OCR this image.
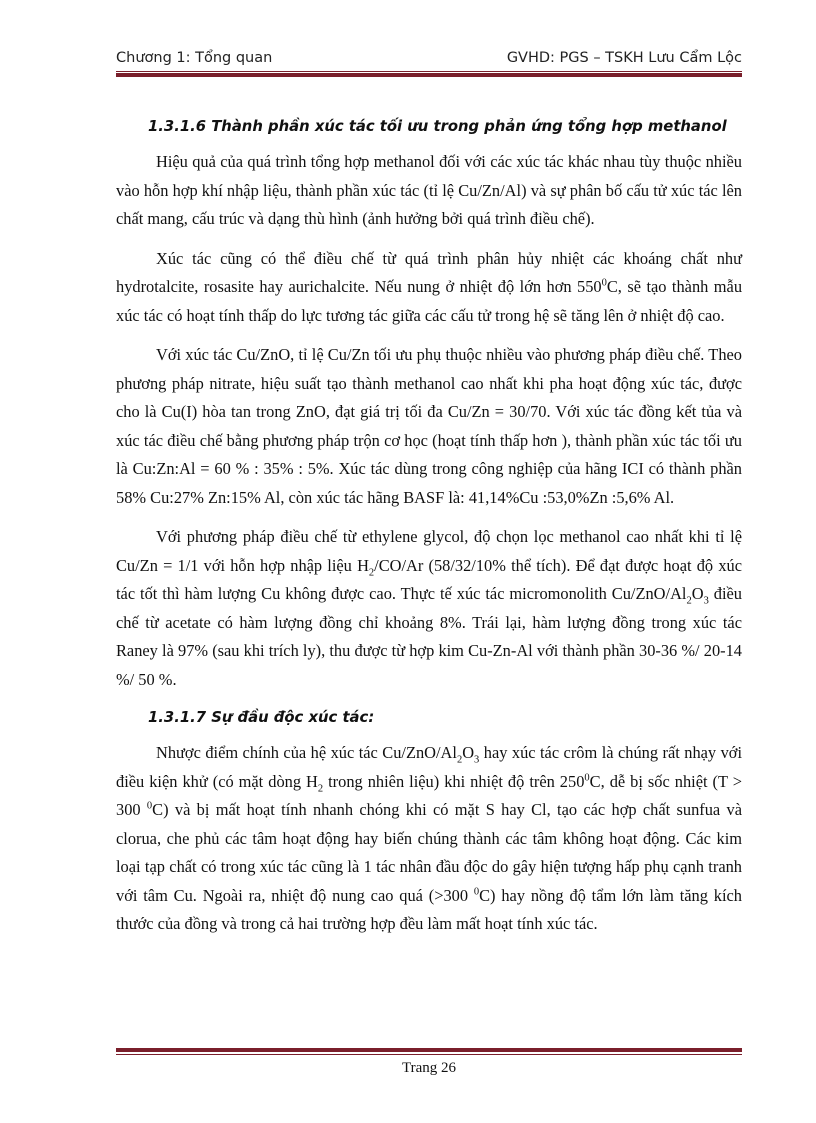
Chương 1: Tổng quan	GVHD: PGS – TSKH Lưu Cẩm Lộc
1.3.1.6 Thành phần xúc tác tối ưu trong phản ứng tổng hợp methanol

Hiệu quả của quá trình tổng hợp methanol đối với các xúc tác khác nhau tùy thuộc nhiều vào hỗn hợp khí nhập liệu, thành phần xúc tác (tỉ lệ Cu/Zn/Al) và sự phân bố cấu tử xúc tác lên chất mang, cấu trúc và dạng thù hình (ảnh hưởng bởi quá trình điều chế).

Xúc tác cũng có thể điều chế từ quá trình phân hủy nhiệt các khoáng chất như hydrotalcite, rosasite hay aurichalcite. Nếu nung ở nhiệt độ lớn hơn $550^0C$, sẽ tạo thành mẫu xúc tác có hoạt tính thấp do lực tương tác giữa các cấu tử trong hệ sẽ tăng lên ở nhiệt độ cao.

Với xúc tác Cu/ZnO, tỉ lệ Cu/Zn tối ưu phụ thuộc nhiều vào phương pháp điều chế. Theo phương pháp nitrate, hiệu suất tạo thành methanol cao nhất khi pha hoạt động xúc tác, được cho là Cu(I) hòa tan trong ZnO, đạt giá trị tối đa Cu/Zn = 30/70. Với xúc tác đồng kết tủa và xúc tác điều chế bằng phương pháp trộn cơ học (hoạt tính thấp hơn ), thành phần xúc tác tối ưu là Cu:Zn:Al = 60 % : 35% : 5%. Xúc tác dùng trong công nghiệp của hãng ICI có thành phần 58% Cu:27% Zn:15% Al, còn xúc tác hãng BASF là: 41,14%Cu :53,0%Zn :5,6% Al.

Với phương pháp điều chế từ ethylene glycol, độ chọn lọc methanol cao nhất khi tỉ lệ Cu/Zn = 1/1 với hỗn hợp nhập liệu $H_2/CO/Ar$ (58/32/10% thể tích). Để đạt được hoạt độ xúc tác tốt thì hàm lượng Cu không được cao. Thực tế xúc tác micromonolith $Cu/ZnO/Al_2O_3$ điều chế từ acetate có hàm lượng đồng chỉ khoảng 8%. Trái lại, hàm lượng đồng trong xúc tác Raney là 97% (sau khi trích ly), thu được từ hợp kim Cu-Zn-Al với thành phần 30-36 %/ 20-14 %/ 50 %.

1.3.1.7 Sự đầu độc xúc tác:

Nhược điểm chính của hệ xúc tác $Cu/ZnO/Al_2O_3$ hay xúc tác crôm là chúng rất nhạy với điều kiện khử (có mặt dòng $H_2$ trong nhiên liệu) khi nhiệt độ trên $250^0C$, dễ bị sốc nhiệt (T > 300 $^0$C) và bị mất hoạt tính nhanh chóng khi có mặt S hay Cl, tạo các hợp chất sunfua và clorua, che phủ các tâm hoạt động hay biến chúng thành các tâm không hoạt động. Các kim loại tạp chất có trong xúc tác cũng là 1 tác nhân đầu độc do gây hiện tượng hấp phụ cạnh tranh với tâm Cu. Ngoài ra, nhiệt độ nung cao quá (>300 $^0$C) hay nồng độ tẩm lớn làm tăng kích thước của đồng và trong cả hai trường hợp đều làm mất hoạt tính xúc tác.

Trang 26
